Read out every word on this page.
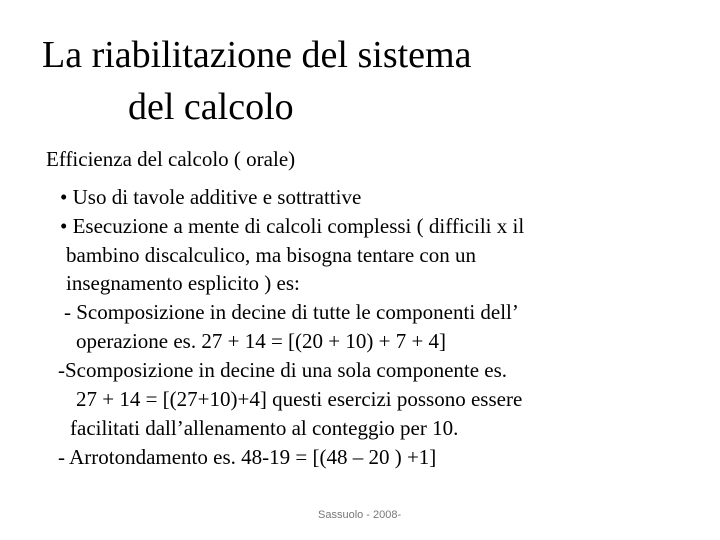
La riabilitazione del sistema
del calcolo
Efficienza del calcolo ( orale)
• Uso di tavole additive e sottrattive
• Esecuzione a mente di calcoli complessi ( difficili x il
bambino discalculico, ma bisogna tentare con un
insegnamento esplicito ) es:
- Scomposizione in decine di tutte le componenti dell’
operazione es. 27 + 14 = [(20 + 10) + 7 + 4]
-Scomposizione in decine di una sola componente es.
27 + 14 = [(27+10)+4] questi esercizi possono essere
facilitati dall’allenamento al conteggio per 10.
- Arrotondamento es. 48-19 = [(48 – 20 ) +1]
Sassuolo - 2008-
